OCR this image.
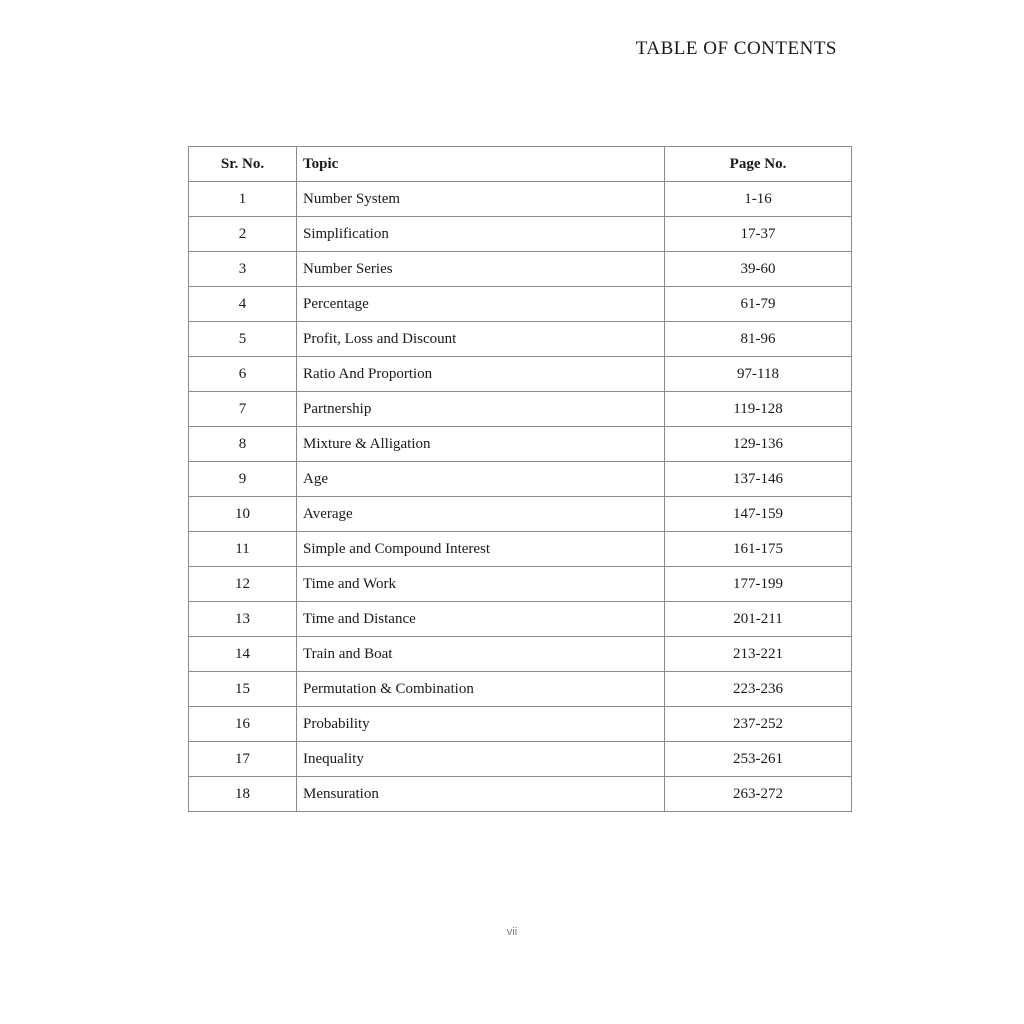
TABLE OF CONTENTS
Sr. No.	Topic	Page No.
1	Number System	1-16
2	Simplification	17-37
3	Number Series	39-60
4	Percentage	61-79
5	Profit, Loss and Discount	81-96
6	Ratio And Proportion	97-118
7	Partnership	119-128
8	Mixture & Alligation	129-136
9	Age	137-146
10	Average	147-159
11	Simple and Compound Interest	161-175
12	Time and Work	177-199
13	Time and Distance	201-211
14	Train and Boat	213-221
15	Permutation & Combination	223-236
16	Probability	237-252
17	Inequality	253-261
18	Mensuration	263-272
vii
